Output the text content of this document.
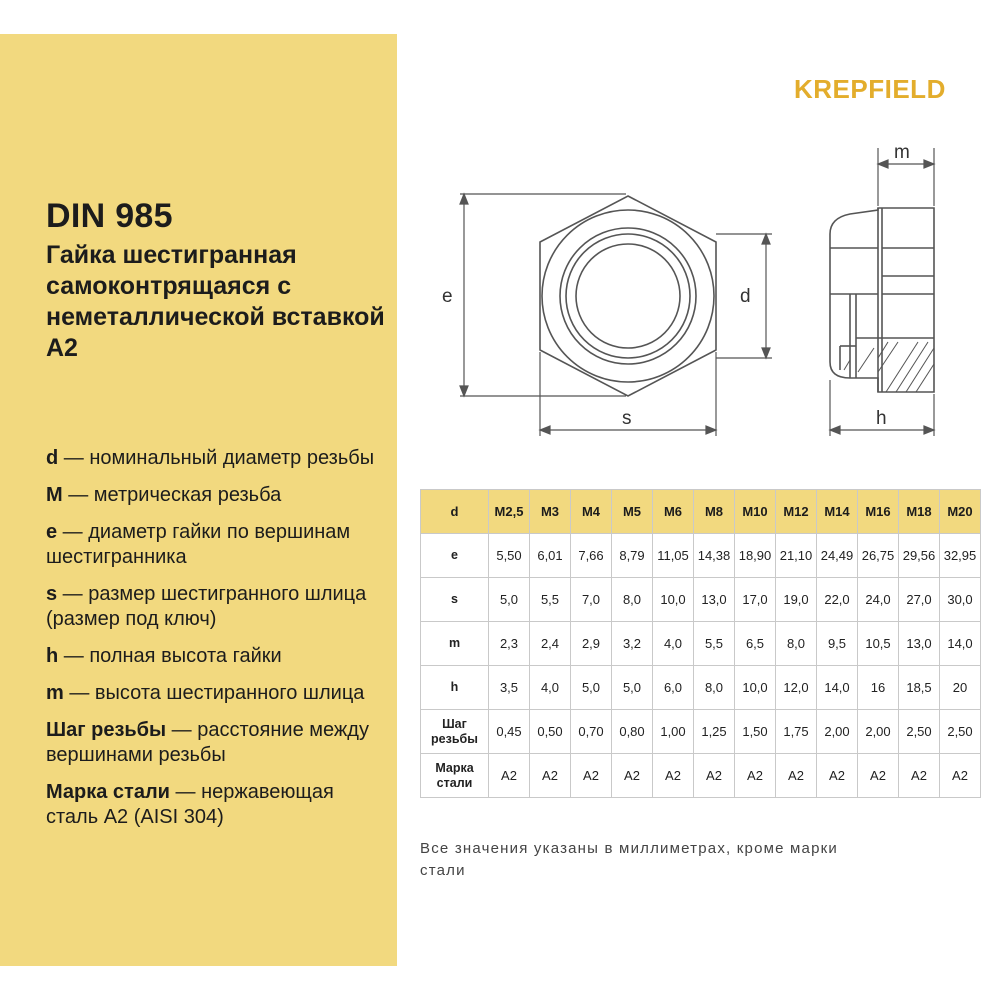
DIN 985
Гайка шестигранная самоконтрящаяся с неметаллической вставкой А2
d — номинальный диаметр резьбы
M — метрическая резьба
e — диаметр гайки по вершинам шестигранника
s — размер шестигранного шлица (размер под ключ)
h — полная высота гайки
m — высота шестиранного шлица
Шаг резьбы — расстояние между вершинами резьбы
Марка стали — нержавеющая сталь А2 (AISI 304)
KREPFIELD
e	d
s
m
h
d	M2,5	M3	M4	M5	M6	M8	M10	M12	M14	M16	M18	M20
e	5,50	6,01	7,66	8,79	11,05	14,38	18,90	21,10	24,49	26,75	29,56	32,95
s	5,0	5,5	7,0	8,0	10,0	13,0	17,0	19,0	22,0	24,0	27,0	30,0
m	2,3	2,4	2,9	3,2	4,0	5,5	6,5	8,0	9,5	10,5	13,0	14,0
h	3,5	4,0	5,0	5,0	6,0	8,0	10,0	12,0	14,0	16	18,5	20
Шаг резьбы	0,45	0,50	0,70	0,80	1,00	1,25	1,50	1,75	2,00	2,00	2,50	2,50
Марка стали	A2	A2	A2	A2	A2	A2	A2	A2	A2	A2	A2	A2
Все значения указаны в миллиметрах, кроме марки стали
